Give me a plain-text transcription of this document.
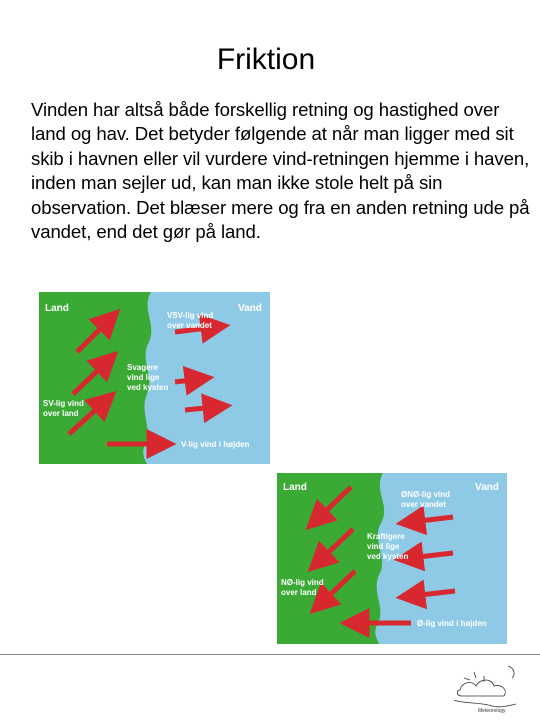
Friktion
Vinden har altså både forskellig retning og hastighed over land og hav. Det betyder følgende at når man ligger med sit skib i havnen eller vil vurdere vind-retningen hjemme i haven, inden man sejler ud, kan man ikke stole helt på sin observation. Det blæser mere og fra en anden retning ude på vandet, end det gør på land.
Land	Vand
VSV-lig vind
over vandet
Svagere
vind lige
ved kysten
SV-lig vind
over land
V-lig vind i højden
Land	Vand
ØNØ-lig vind
over vandet
Kraftigere
vind lige
ved kysten
NØ-lig vind
over land
Ø-lig vind i højden
Meteorology
